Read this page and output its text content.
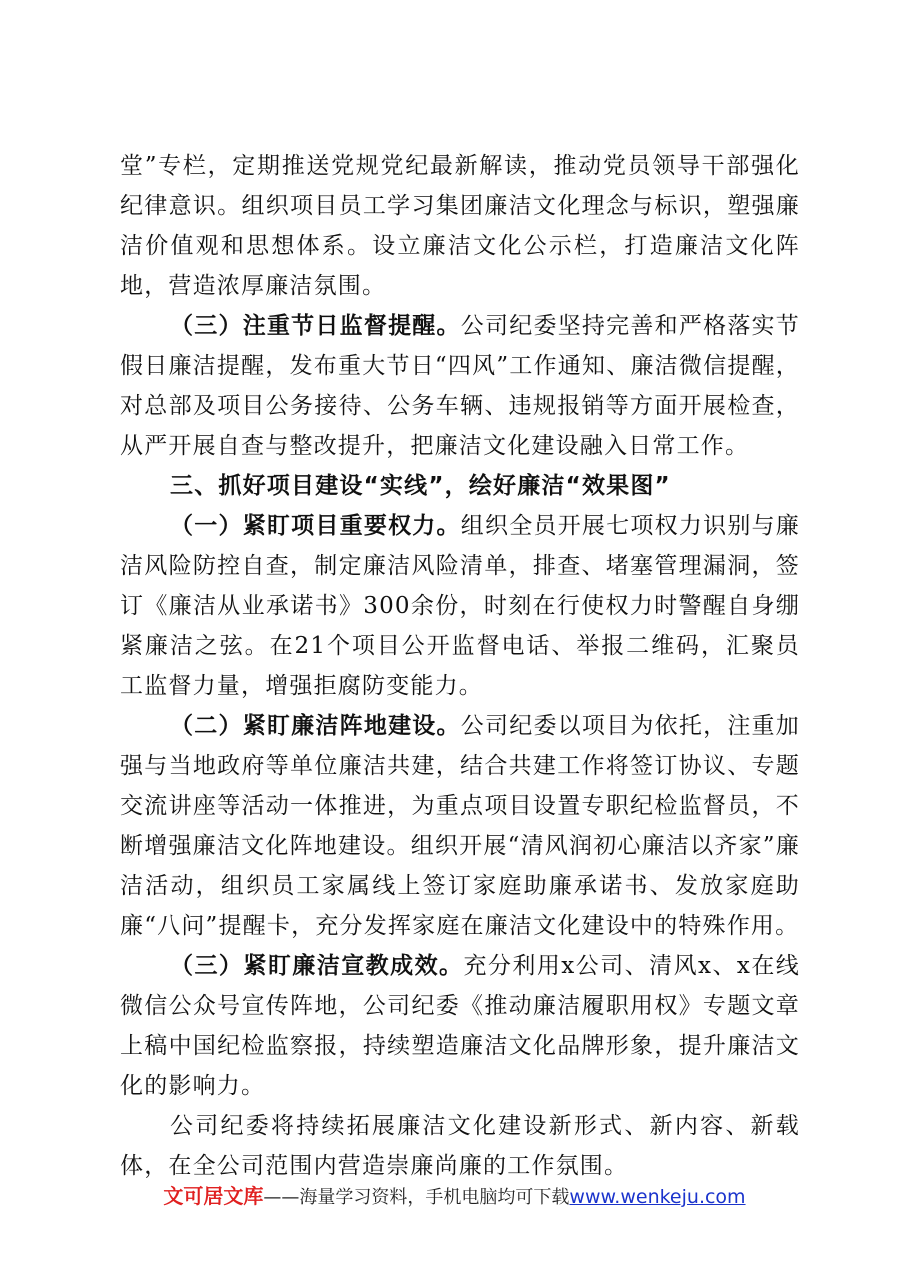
堂”专栏，定期推送党规党纪最新解读，推动党员领导干部强化纪律意识。组织项目员工学习集团廉洁文化理念与标识，塑强廉洁价值观和思想体系。设立廉洁文化公示栏，打造廉洁文化阵地，营造浓厚廉洁氛围。

（三）注重节日监督提醒。公司纪委坚持完善和严格落实节假日廉洁提醒，发布重大节日“四风”工作通知、廉洁微信提醒，对总部及项目公务接待、公务车辆、违规报销等方面开展检查，从严开展自查与整改提升，把廉洁文化建设融入日常工作。

三、抓好项目建设“实线”，绘好廉洁“效果图”

（一）紧盯项目重要权力。组织全员开展七项权力识别与廉洁风险防控自查，制定廉洁风险清单，排查、堵塞管理漏洞，签订《廉洁从业承诺书》300余份，时刻在行使权力时警醒自身绷紧廉洁之弦。在21个项目公开监督电话、举报二维码，汇聚员工监督力量，增强拒腐防变能力。

（二）紧盯廉洁阵地建设。公司纪委以项目为依托，注重加强与当地政府等单位廉洁共建，结合共建工作将签订协议、专题交流讲座等活动一体推进，为重点项目设置专职纪检监督员，不断增强廉洁文化阵地建设。组织开展“清风润初心廉洁以齐家”廉洁活动，组织员工家属线上签订家庭助廉承诺书、发放家庭助廉“八问”提醒卡，充分发挥家庭在廉洁文化建设中的特殊作用。

（三）紧盯廉洁宣教成效。充分利用x公司、清风x、x在线微信公众号宣传阵地，公司纪委《推动廉洁履职用权》专题文章上稿中国纪检监察报，持续塑造廉洁文化品牌形象，提升廉洁文化的影响力。

公司纪委将持续拓展廉洁文化建设新形式、新内容、新载体，在全公司范围内营造崇廉尚廉的工作氛围。

文可居文库——海量学习资料，手机电脑均可下载www.wenkeju.com
